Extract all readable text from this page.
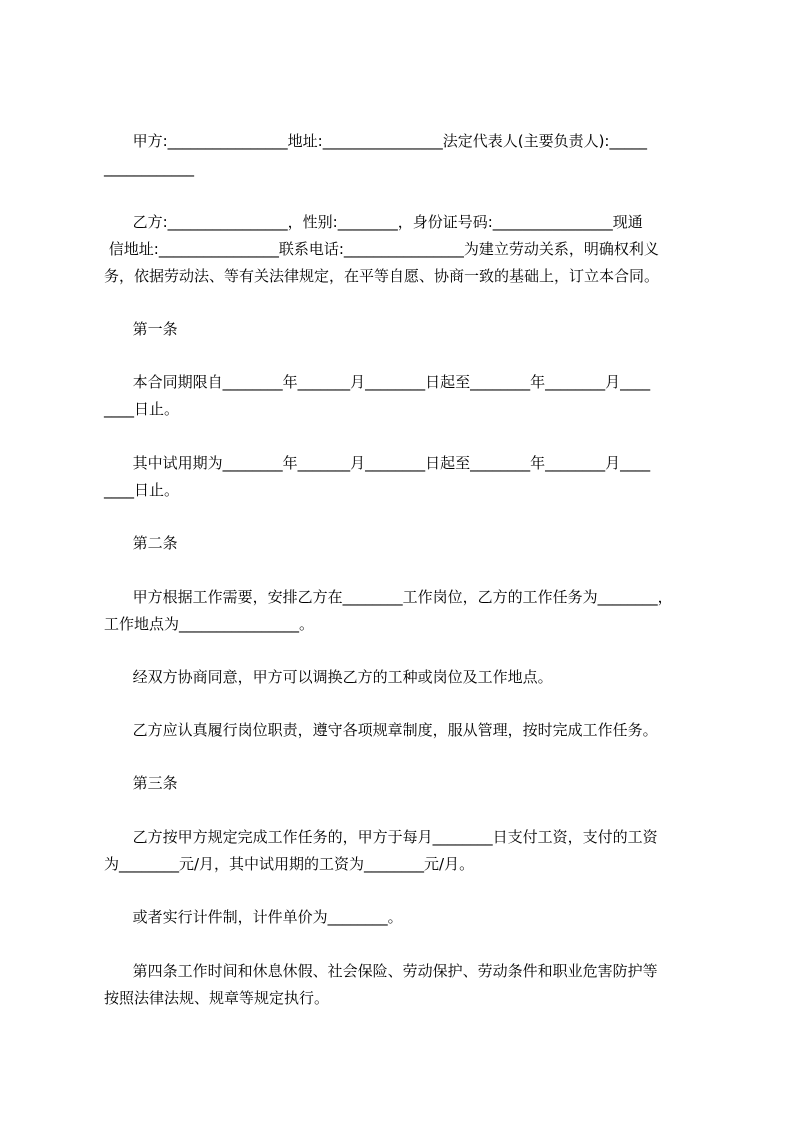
甲方:________________地址:________________法定代表人(主要负责人):_____

____________

乙方:________________，性别:________，身份证号码:________________现通

信地址:________________联系电话:________________为建立劳动关系，明确权利义

务，依据劳动法、等有关法律规定，在平等自愿、协商一致的基础上，订立本合同。

第一条

本合同期限自________年_______月________日起至________年________月____

____日止。

其中试用期为________年_______月________日起至________年________月____

____日止。

第二条

甲方根据工作需要，安排乙方在________工作岗位，乙方的工作任务为________，

工作地点为________________。

经双方协商同意，甲方可以调换乙方的工种或岗位及工作地点。

乙方应认真履行岗位职责，遵守各项规章制度，服从管理，按时完成工作任务。

第三条

乙方按甲方规定完成工作任务的，甲方于每月________日支付工资，支付的工资

为________元/月，其中试用期的工资为________元/月。

或者实行计件制，计件单价为________。

第四条工作时间和休息休假、社会保险、劳动保护、劳动条件和职业危害防护等

按照法律法规、规章等规定执行。
